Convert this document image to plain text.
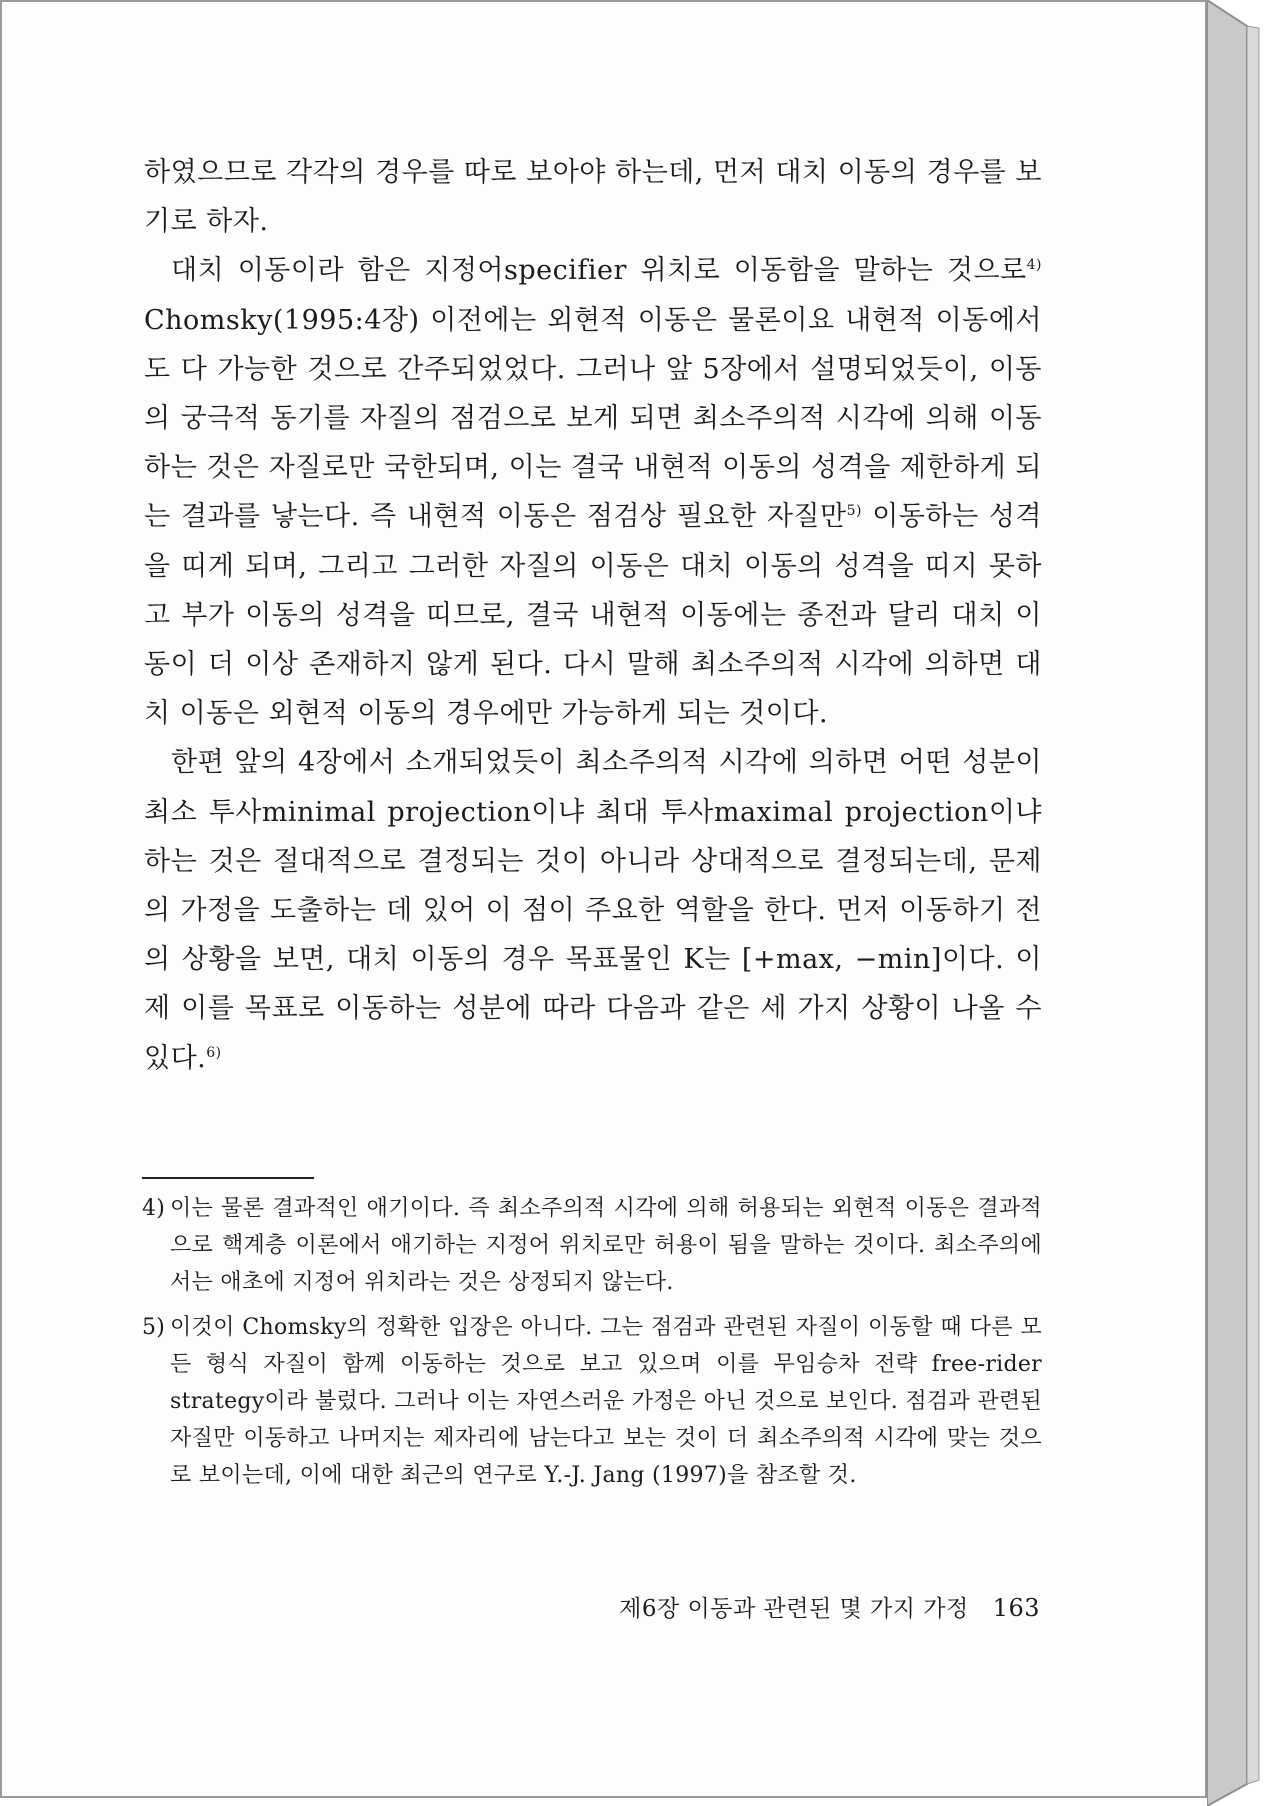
하였으므로 각각의 경우를 따로 보아야 하는데, 먼저 대치 이동의 경우를 보기로 하자.

대치 이동이라 함은 지정어specifier 위치로 이동함을 말하는 것으로$^{4)}$ Chomsky(1995:4장) 이전에는 외현적 이동은 물론이요 내현적 이동에서도 다 가능한 것으로 간주되었었다. 그러나 앞 5장에서 설명되었듯이, 이동의 궁극적 동기를 자질의 점검으로 보게 되면 최소주의적 시각에 의해 이동하는 것은 자질로만 국한되며, 이는 결국 내현적 이동의 성격을 제한하게 되는 결과를 낳는다. 즉 내현적 이동은 점검상 필요한 자질만$^{5)}$ 이동하는 성격을 띠게 되며, 그리고 그러한 자질의 이동은 대치 이동의 성격을 띠지 못하고 부가 이동의 성격을 띠므로, 결국 내현적 이동에는 종전과 달리 대치 이동이 더 이상 존재하지 않게 된다. 다시 말해 최소주의적 시각에 의하면 대치 이동은 외현적 이동의 경우에만 가능하게 되는 것이다.

한편 앞의 4장에서 소개되었듯이 최소주의적 시각에 의하면 어떤 성분이 최소 투사minimal projection이냐 최대 투사maximal projection이냐 하는 것은 절대적으로 결정되는 것이 아니라 상대적으로 결정되는데, 문제의 가정을 도출하는 데 있어 이 점이 주요한 역할을 한다. 먼저 이동하기 전의 상황을 보면, 대치 이동의 경우 목표물인 K는 [+max, −min]이다. 이제 이를 목표로 이동하는 성분에 따라 다음과 같은 세 가지 상황이 나올 수 있다.$^{6)}$

4) 이는 물론 결과적인 애기이다. 즉 최소주의적 시각에 의해 허용되는 외현적 이동은 결과적으로 핵계층 이론에서 애기하는 지정어 위치로만 허용이 됨을 말하는 것이다. 최소주의에서는 애초에 지정어 위치라는 것은 상정되지 않는다.

5) 이것이 Chomsky의 정확한 입장은 아니다. 그는 점검과 관련된 자질이 이동할 때 다른 모든 형식 자질이 함께 이동하는 것으로 보고 있으며 이를 무임승차 전략 free-rider strategy이라 불렀다. 그러나 이는 자연스러운 가정은 아닌 것으로 보인다. 점검과 관련된 자질만 이동하고 나머지는 제자리에 남는다고 보는 것이 더 최소주의적 시각에 맞는 것으로 보이는데, 이에 대한 최근의 연구로 Y.-J. Jang (1997)을 참조할 것.

제6장 이동과 관련된 몇 가지 가정 163
